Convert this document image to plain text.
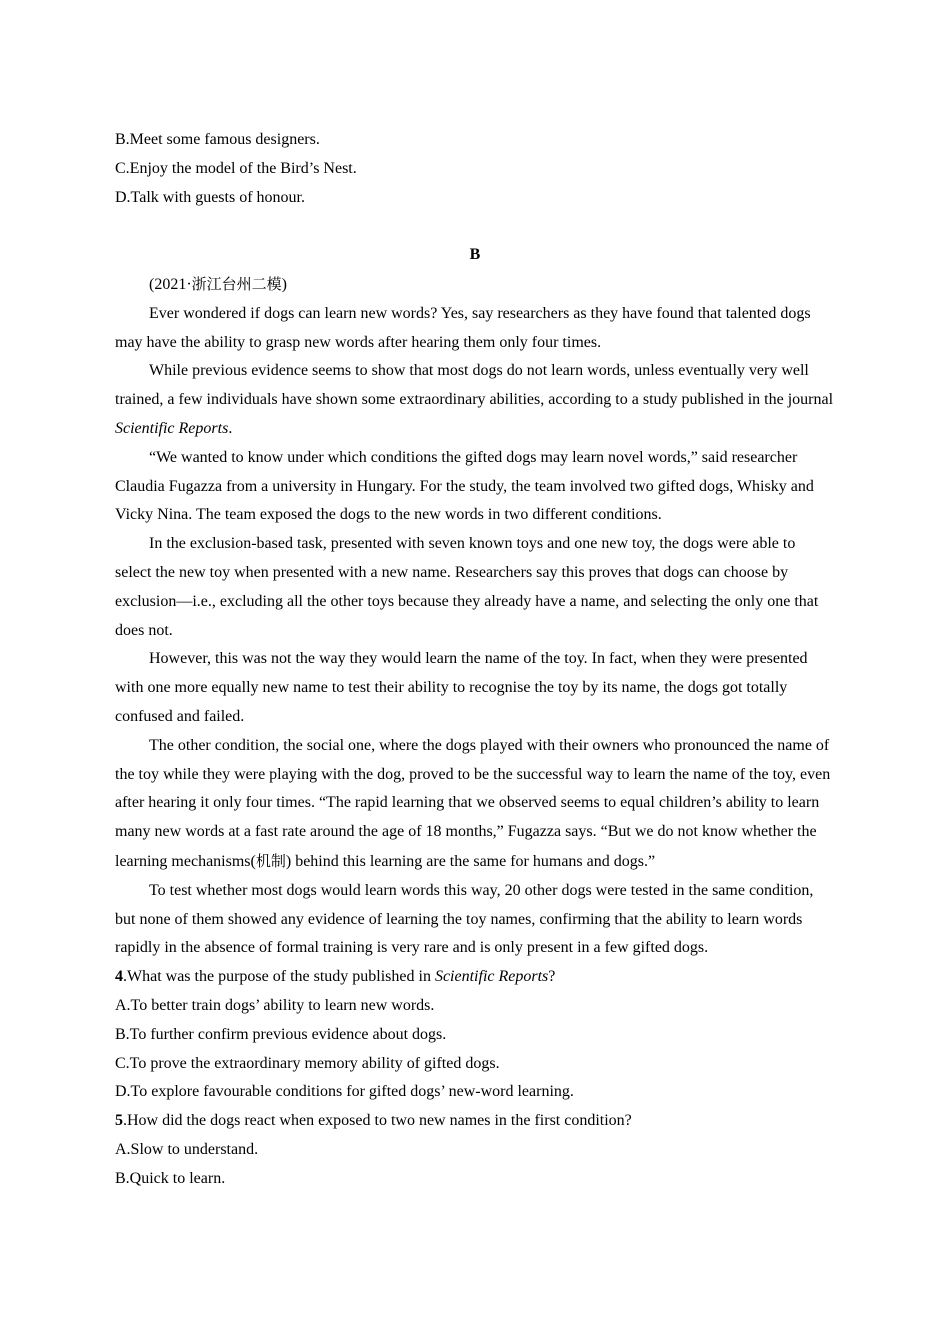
B.Meet some famous designers.

C.Enjoy the model of the Bird’s Nest.

D.Talk with guests of honour.

B

(2021·浙江台州二模)

Ever wondered if dogs can learn new words? Yes, say researchers as they have found that talented dogs may have the ability to grasp new words after hearing them only four times.

While previous evidence seems to show that most dogs do not learn words, unless eventually very well trained, a few individuals have shown some extraordinary abilities, according to a study published in the journal Scientific Reports.

“We wanted to know under which conditions the gifted dogs may learn novel words,” said researcher Claudia Fugazza from a university in Hungary. For the study, the team involved two gifted dogs, Whisky and Vicky Nina. The team exposed the dogs to the new words in two different conditions.

In the exclusion-based task, presented with seven known toys and one new toy, the dogs were able to select the new toy when presented with a new name. Researchers say this proves that dogs can choose by exclusion—i.e., excluding all the other toys because they already have a name, and selecting the only one that does not.

However, this was not the way they would learn the name of the toy. In fact, when they were presented with one more equally new name to test their ability to recognise the toy by its name, the dogs got totally confused and failed.

The other condition, the social one, where the dogs played with their owners who pronounced the name of the toy while they were playing with the dog, proved to be the successful way to learn the name of the toy, even after hearing it only four times. “The rapid learning that we observed seems to equal children’s ability to learn many new words at a fast rate around the age of 18 months,” Fugazza says. “But we do not know whether the learning mechanisms(机制) behind this learning are the same for humans and dogs.”

To test whether most dogs would learn words this way, 20 other dogs were tested in the same condition, but none of them showed any evidence of learning the toy names, confirming that the ability to learn words rapidly in the absence of formal training is very rare and is only present in a few gifted dogs.

4.What was the purpose of the study published in Scientific Reports?

A.To better train dogs’ ability to learn new words.

B.To further confirm previous evidence about dogs.

C.To prove the extraordinary memory ability of gifted dogs.

D.To explore favourable conditions for gifted dogs’ new-word learning.

5.How did the dogs react when exposed to two new names in the first condition?

A.Slow to understand.

B.Quick to learn.
